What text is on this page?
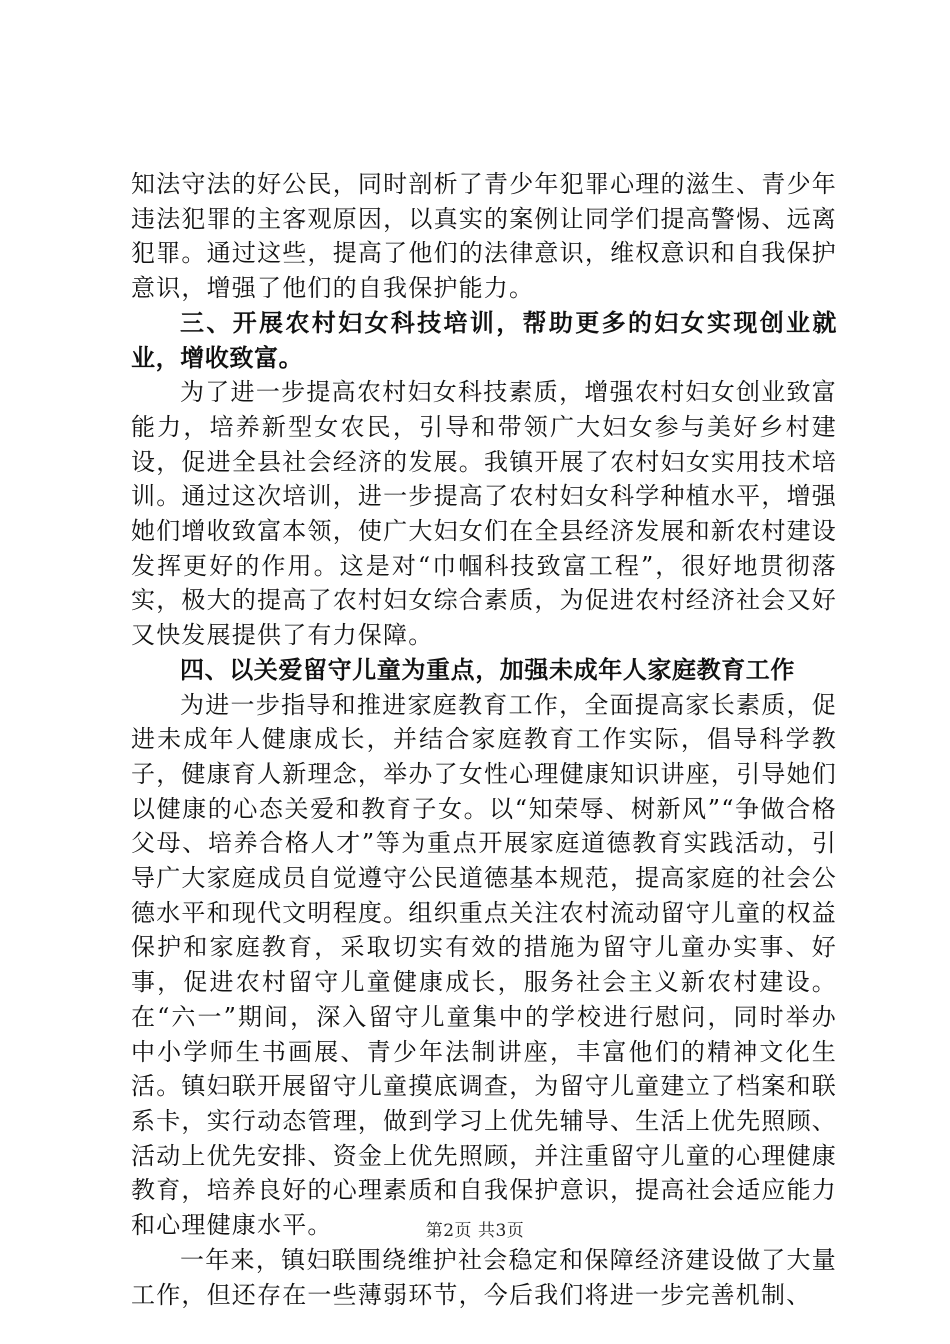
知法守法的好公民，同时剖析了青少年犯罪心理的滋生、青少年违法犯罪的主客观原因，以真实的案例让同学们提高警惕、远离犯罪。通过这些，提高了他们的法律意识，维权意识和自我保护意识，增强了他们的自我保护能力。

三、开展农村妇女科技培训，帮助更多的妇女实现创业就业，增收致富。

为了进一步提高农村妇女科技素质，增强农村妇女创业致富能力，培养新型女农民，引导和带领广大妇女参与美好乡村建设，促进全县社会经济的发展。我镇开展了农村妇女实用技术培训。通过这次培训，进一步提高了农村妇女科学种植水平，增强她们增收致富本领，使广大妇女们在全县经济发展和新农村建设发挥更好的作用。这是对“巾帼科技致富工程”，很好地贯彻落实，极大的提高了农村妇女综合素质，为促进农村经济社会又好又快发展提供了有力保障。

四、以关爱留守儿童为重点，加强未成年人家庭教育工作

为进一步指导和推进家庭教育工作，全面提高家长素质，促进未成年人健康成长，并结合家庭教育工作实际，倡导科学教子，健康育人新理念，举办了女性心理健康知识讲座，引导她们以健康的心态关爱和教育子女。以“知荣辱、树新风”“争做合格父母、培养合格人才”等为重点开展家庭道德教育实践活动，引导广大家庭成员自觉遵守公民道德基本规范，提高家庭的社会公德水平和现代文明程度。组织重点关注农村流动留守儿童的权益保护和家庭教育，采取切实有效的措施为留守儿童办实事、好事，促进农村留守儿童健康成长，服务社会主义新农村建设。在“六一”期间，深入留守儿童集中的学校进行慰问，同时举办中小学师生书画展、青少年法制讲座，丰富他们的精神文化生活。镇妇联开展留守儿童摸底调查，为留守儿童建立了档案和联系卡，实行动态管理，做到学习上优先辅导、生活上优先照顾、活动上优先安排、资金上优先照顾，并注重留守儿童的心理健康教育，培养良好的心理素质和自我保护意识，提高社会适应能力和心理健康水平。

一年来，镇妇联围绕维护社会稳定和保障经济建设做了大量工作，但还存在一些薄弱环节，今后我们将进一步完善机制、

第2页 共3页
